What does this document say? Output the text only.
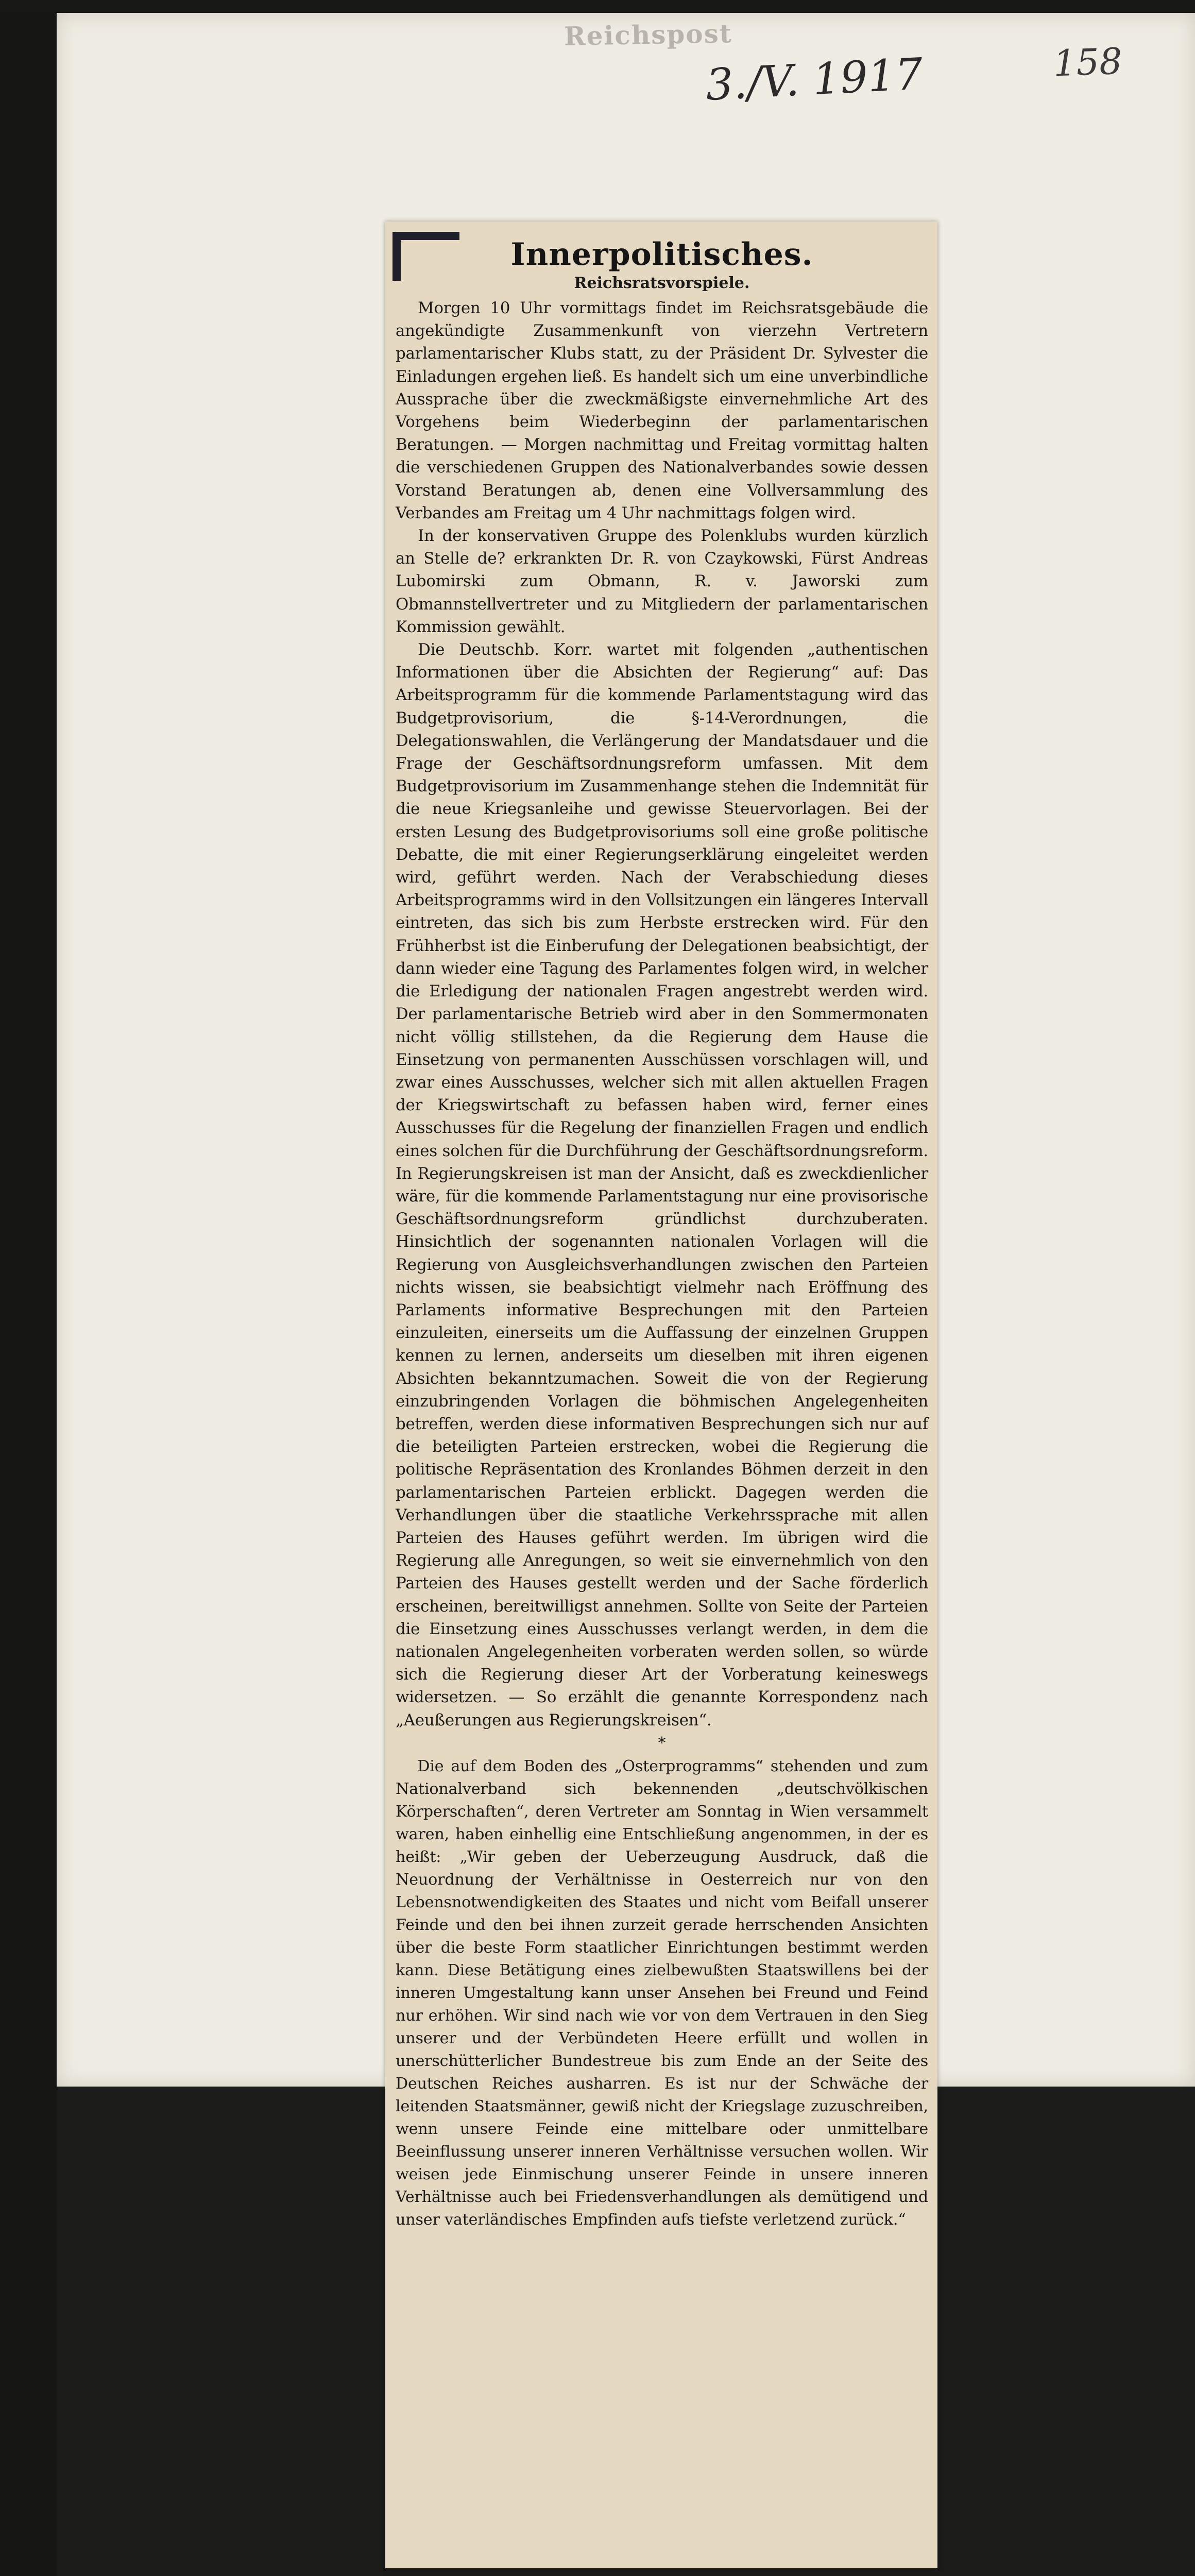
Reichspost
3./V. 1917	158
Innerpolitisches.
Reichsratsvorspiele.

Morgen 10 Uhr vormittags findet im Reichsratsgebäude die angekündigte Zusammenkunft von vierzehn Vertretern parlamentarischer Klubs statt, zu der Präsident Dr. Sylvester die Einladungen ergehen ließ. Es handelt sich um eine unverbindliche Aussprache über die zweckmäßigste einvernehmliche Art des Vorgehens beim Wiederbeginn der parlamentarischen Beratungen. — Morgen nachmittag und Freitag vormittag halten die verschiedenen Gruppen des Nationalverbandes sowie dessen Vorstand Beratungen ab, denen eine Vollversammlung des Verbandes am Freitag um 4 Uhr nachmittags folgen wird.

In der konservativen Gruppe des Polenklubs wurden kürzlich an Stelle de? erkrankten Dr. R. von Czaykowski, Fürst Andreas Lubomirski zum Obmann, R. v. Jaworski zum Obmannstellvertreter und zu Mitgliedern der parlamentarischen Kommission gewählt.

Die Deutschb. Korr. wartet mit folgenden „authentischen Informationen über die Absichten der Regierung“ auf: Das Arbeitsprogramm für die kommende Parlamentstagung wird das Budgetprovisorium, die §-14-Verordnungen, die Delegationswahlen, die Verlängerung der Mandatsdauer und die Frage der Geschäftsordnungsreform umfassen. Mit dem Budgetprovisorium im Zusammenhange stehen die Indemnität für die neue Kriegsanleihe und gewisse Steuervorlagen. Bei der ersten Lesung des Budgetprovisoriums soll eine große politische Debatte, die mit einer Regierungserklärung eingeleitet werden wird, geführt werden. Nach der Verabschiedung dieses Arbeitsprogramms wird in den Vollsitzungen ein längeres Intervall eintreten, das sich bis zum Herbste erstrecken wird. Für den Frühherbst ist die Einberufung der Delegationen beabsichtigt, der dann wieder eine Tagung des Parlamentes folgen wird, in welcher die Erledigung der nationalen Fragen angestrebt werden wird. Der parlamentarische Betrieb wird aber in den Sommermonaten nicht völlig stillstehen, da die Regierung dem Hause die Einsetzung von permanenten Ausschüssen vorschlagen will, und zwar eines Ausschusses, welcher sich mit allen aktuellen Fragen der Kriegswirtschaft zu befassen haben wird, ferner eines Ausschusses für die Regelung der finanziellen Fragen und endlich eines solchen für die Durchführung der Geschäftsordnungsreform. In Regierungskreisen ist man der Ansicht, daß es zweckdienlicher wäre, für die kommende Parlamentstagung nur eine provisorische Geschäftsordnungsreform gründlichst durchzuberaten. Hinsichtlich der sogenannten nationalen Vorlagen will die Regierung von Ausgleichsverhandlungen zwischen den Parteien nichts wissen, sie beabsichtigt vielmehr nach Eröffnung des Parlaments informative Besprechungen mit den Parteien einzuleiten, einerseits um die Auffassung der einzelnen Gruppen kennen zu lernen, anderseits um dieselben mit ihren eigenen Absichten bekanntzumachen. Soweit die von der Regierung einzubringenden Vorlagen die böhmischen Angelegenheiten betreffen, werden diese informativen Besprechungen sich nur auf die beteiligten Parteien erstrecken, wobei die Regierung die politische Repräsentation des Kronlandes Böhmen derzeit in den parlamentarischen Parteien erblickt. Dagegen werden die Verhandlungen über die staatliche Verkehrssprache mit allen Parteien des Hauses geführt werden. Im übrigen wird die Regierung alle Anregungen, so weit sie einvernehmlich von den Parteien des Hauses gestellt werden und der Sache förderlich erscheinen, bereitwilligst annehmen. Sollte von Seite der Parteien die Einsetzung eines Ausschusses verlangt werden, in dem die nationalen Angelegenheiten vorberaten werden sollen, so würde sich die Regierung dieser Art der Vorberatung keineswegs widersetzen. — So erzählt die genannte Korrespondenz nach „Aeußerungen aus Regierungskreisen“.

*

Die auf dem Boden des „Osterprogramms“ stehenden und zum Nationalverband sich bekennenden „deutschvölkischen Körperschaften“, deren Vertreter am Sonntag in Wien versammelt waren, haben einhellig eine Entschließung angenommen, in der es heißt: „Wir geben der Ueberzeugung Ausdruck, daß die Neuordnung der Verhältnisse in Oesterreich nur von den Lebensnotwendigkeiten des Staates und nicht vom Beifall unserer Feinde und den bei ihnen zurzeit gerade herrschenden Ansichten über die beste Form staatlicher Einrichtungen bestimmt werden kann. Diese Betätigung eines zielbewußten Staatswillens bei der inneren Umgestaltung kann unser Ansehen bei Freund und Feind nur erhöhen. Wir sind nach wie vor von dem Vertrauen in den Sieg unserer und der Verbündeten Heere erfüllt und wollen in unerschütterlicher Bundestreue bis zum Ende an der Seite des Deutschen Reiches ausharren. Es ist nur der Schwäche der leitenden Staatsmänner, gewiß nicht der Kriegslage zuzuschreiben, wenn unsere Feinde eine mittelbare oder unmittelbare Beeinflussung unserer inneren Verhältnisse versuchen wollen. Wir weisen jede Einmischung unserer Feinde in unsere inneren Verhältnisse auch bei Friedensverhandlungen als demütigend und unser vaterländisches Empfinden aufs tiefste verletzend zurück.“
